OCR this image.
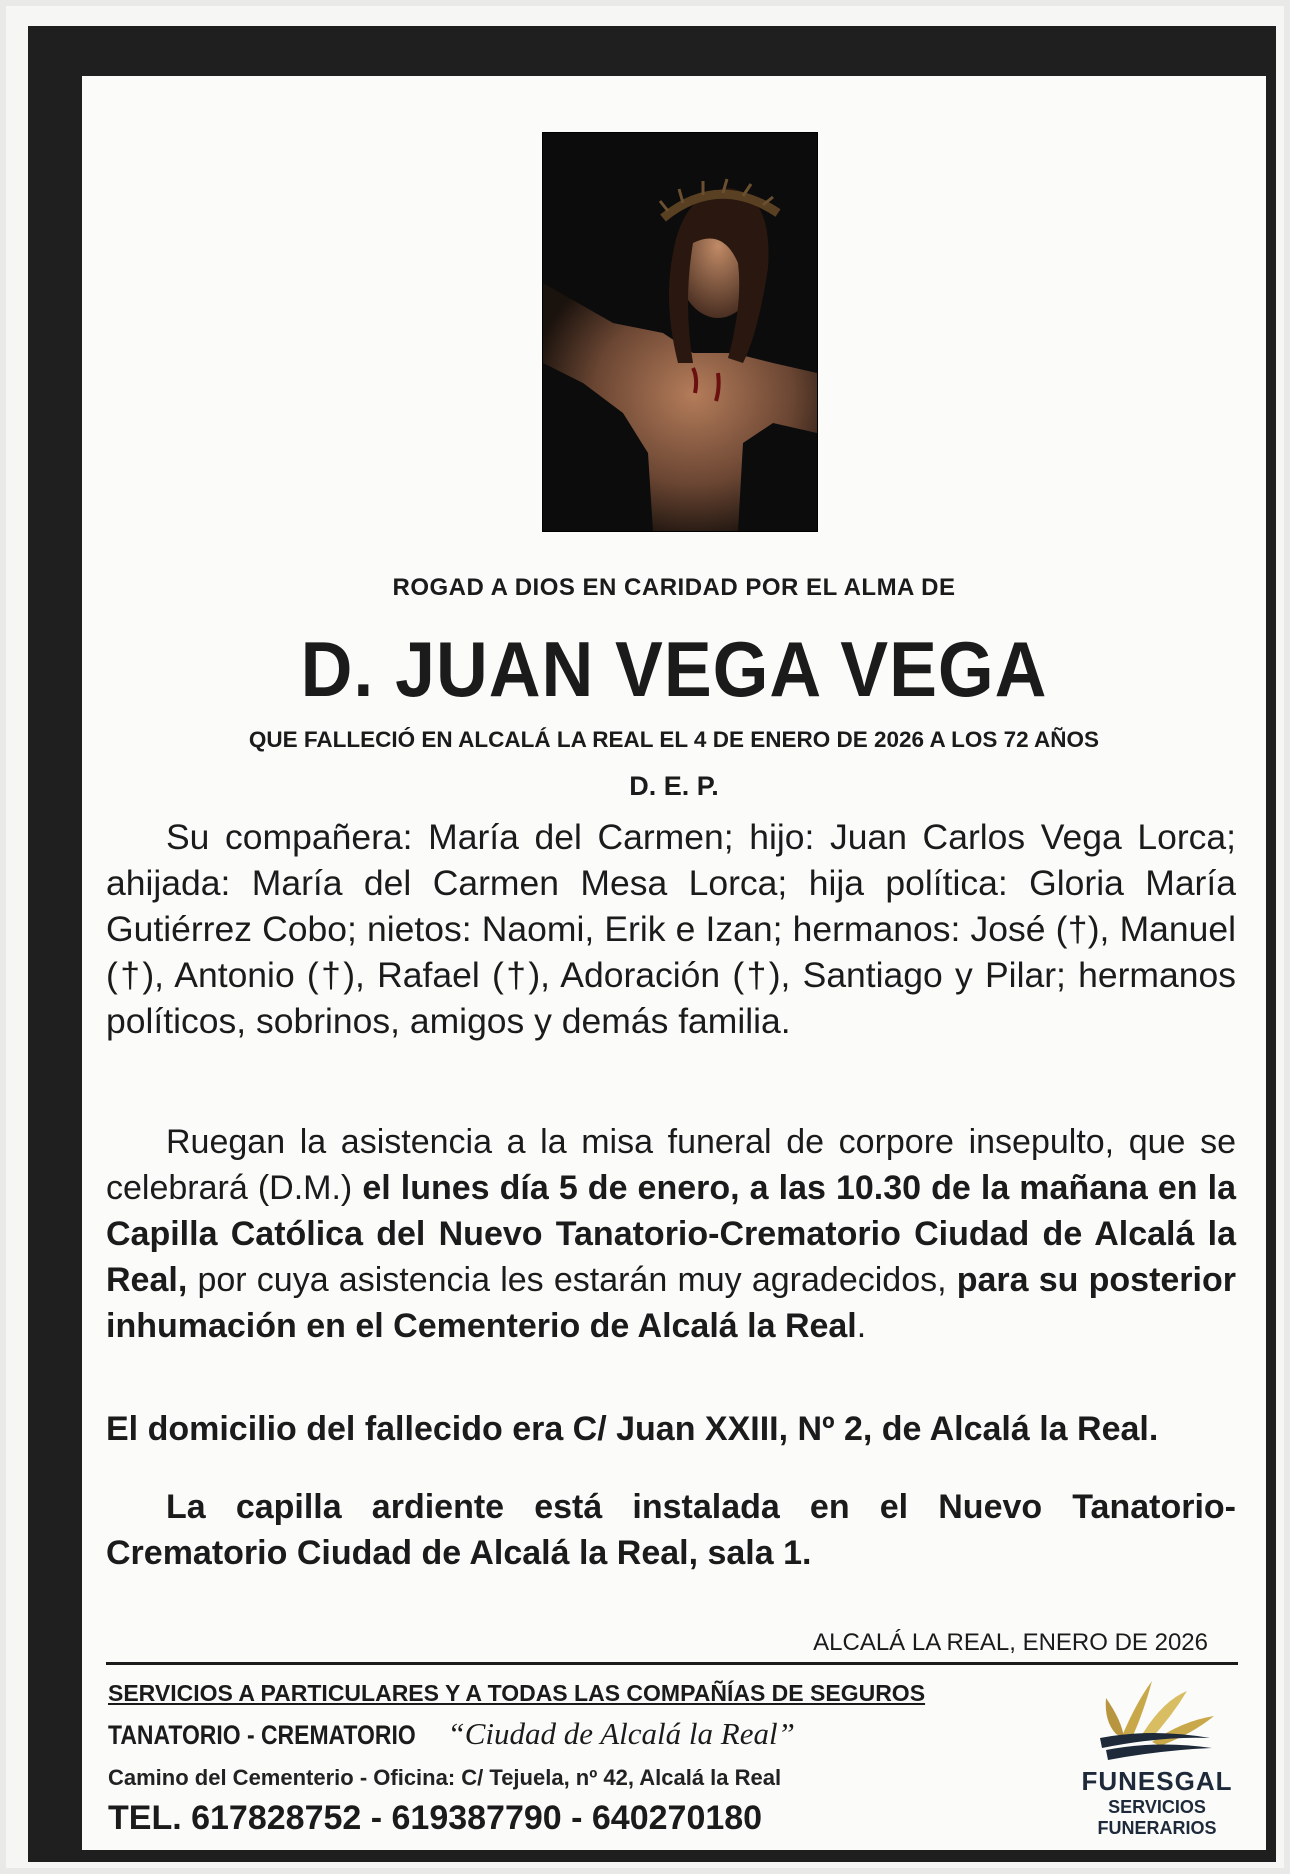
ROGAD A DIOS EN CARIDAD POR EL ALMA DE
D. JUAN VEGA VEGA
QUE FALLECIÓ EN ALCALÁ LA REAL EL 4 DE ENERO DE 2026 A LOS 72 AÑOS
D. E. P.

Su compañera: María del Carmen; hijo: Juan Carlos Vega Lorca; ahijada: María del Carmen Mesa Lorca; hija política: Gloria María Gutiérrez Cobo; nietos: Naomi, Erik e Izan; hermanos: José (†), Manuel (†), Antonio (†), Rafael (†), Adoración (†), Santiago y Pilar; hermanos políticos, sobrinos, amigos y demás familia.

Ruegan la asistencia a la misa funeral de corpore insepulto, que se celebrará (D.M.) el lunes día 5 de enero, a las 10.30 de la mañana en la Capilla Católica del Nuevo Tanatorio-Crematorio Ciudad de Alcalá la Real, por cuya asistencia les estarán muy agradecidos, para su posterior inhumación en el Cementerio de Alcalá la Real.

El domicilio del fallecido era C/ Juan XXIII, Nº 2, de Alcalá la Real.

La capilla ardiente está instalada en el Nuevo Tanatorio-Crematorio Ciudad de Alcalá la Real, sala 1.

ALCALÁ LA REAL, ENERO DE 2026
SERVICIOS A PARTICULARES Y A TODAS LAS COMPAÑÍAS DE SEGUROS
TANATORIO - CREMATORIO “Ciudad de Alcalá la Real”
Camino del Cementerio - Oficina: C/ Tejuela, nº 42, Alcalá la Real
TEL. 617828752 - 619387790 - 640270180
FUNESGAL
SERVICIOS FUNERARIOS
